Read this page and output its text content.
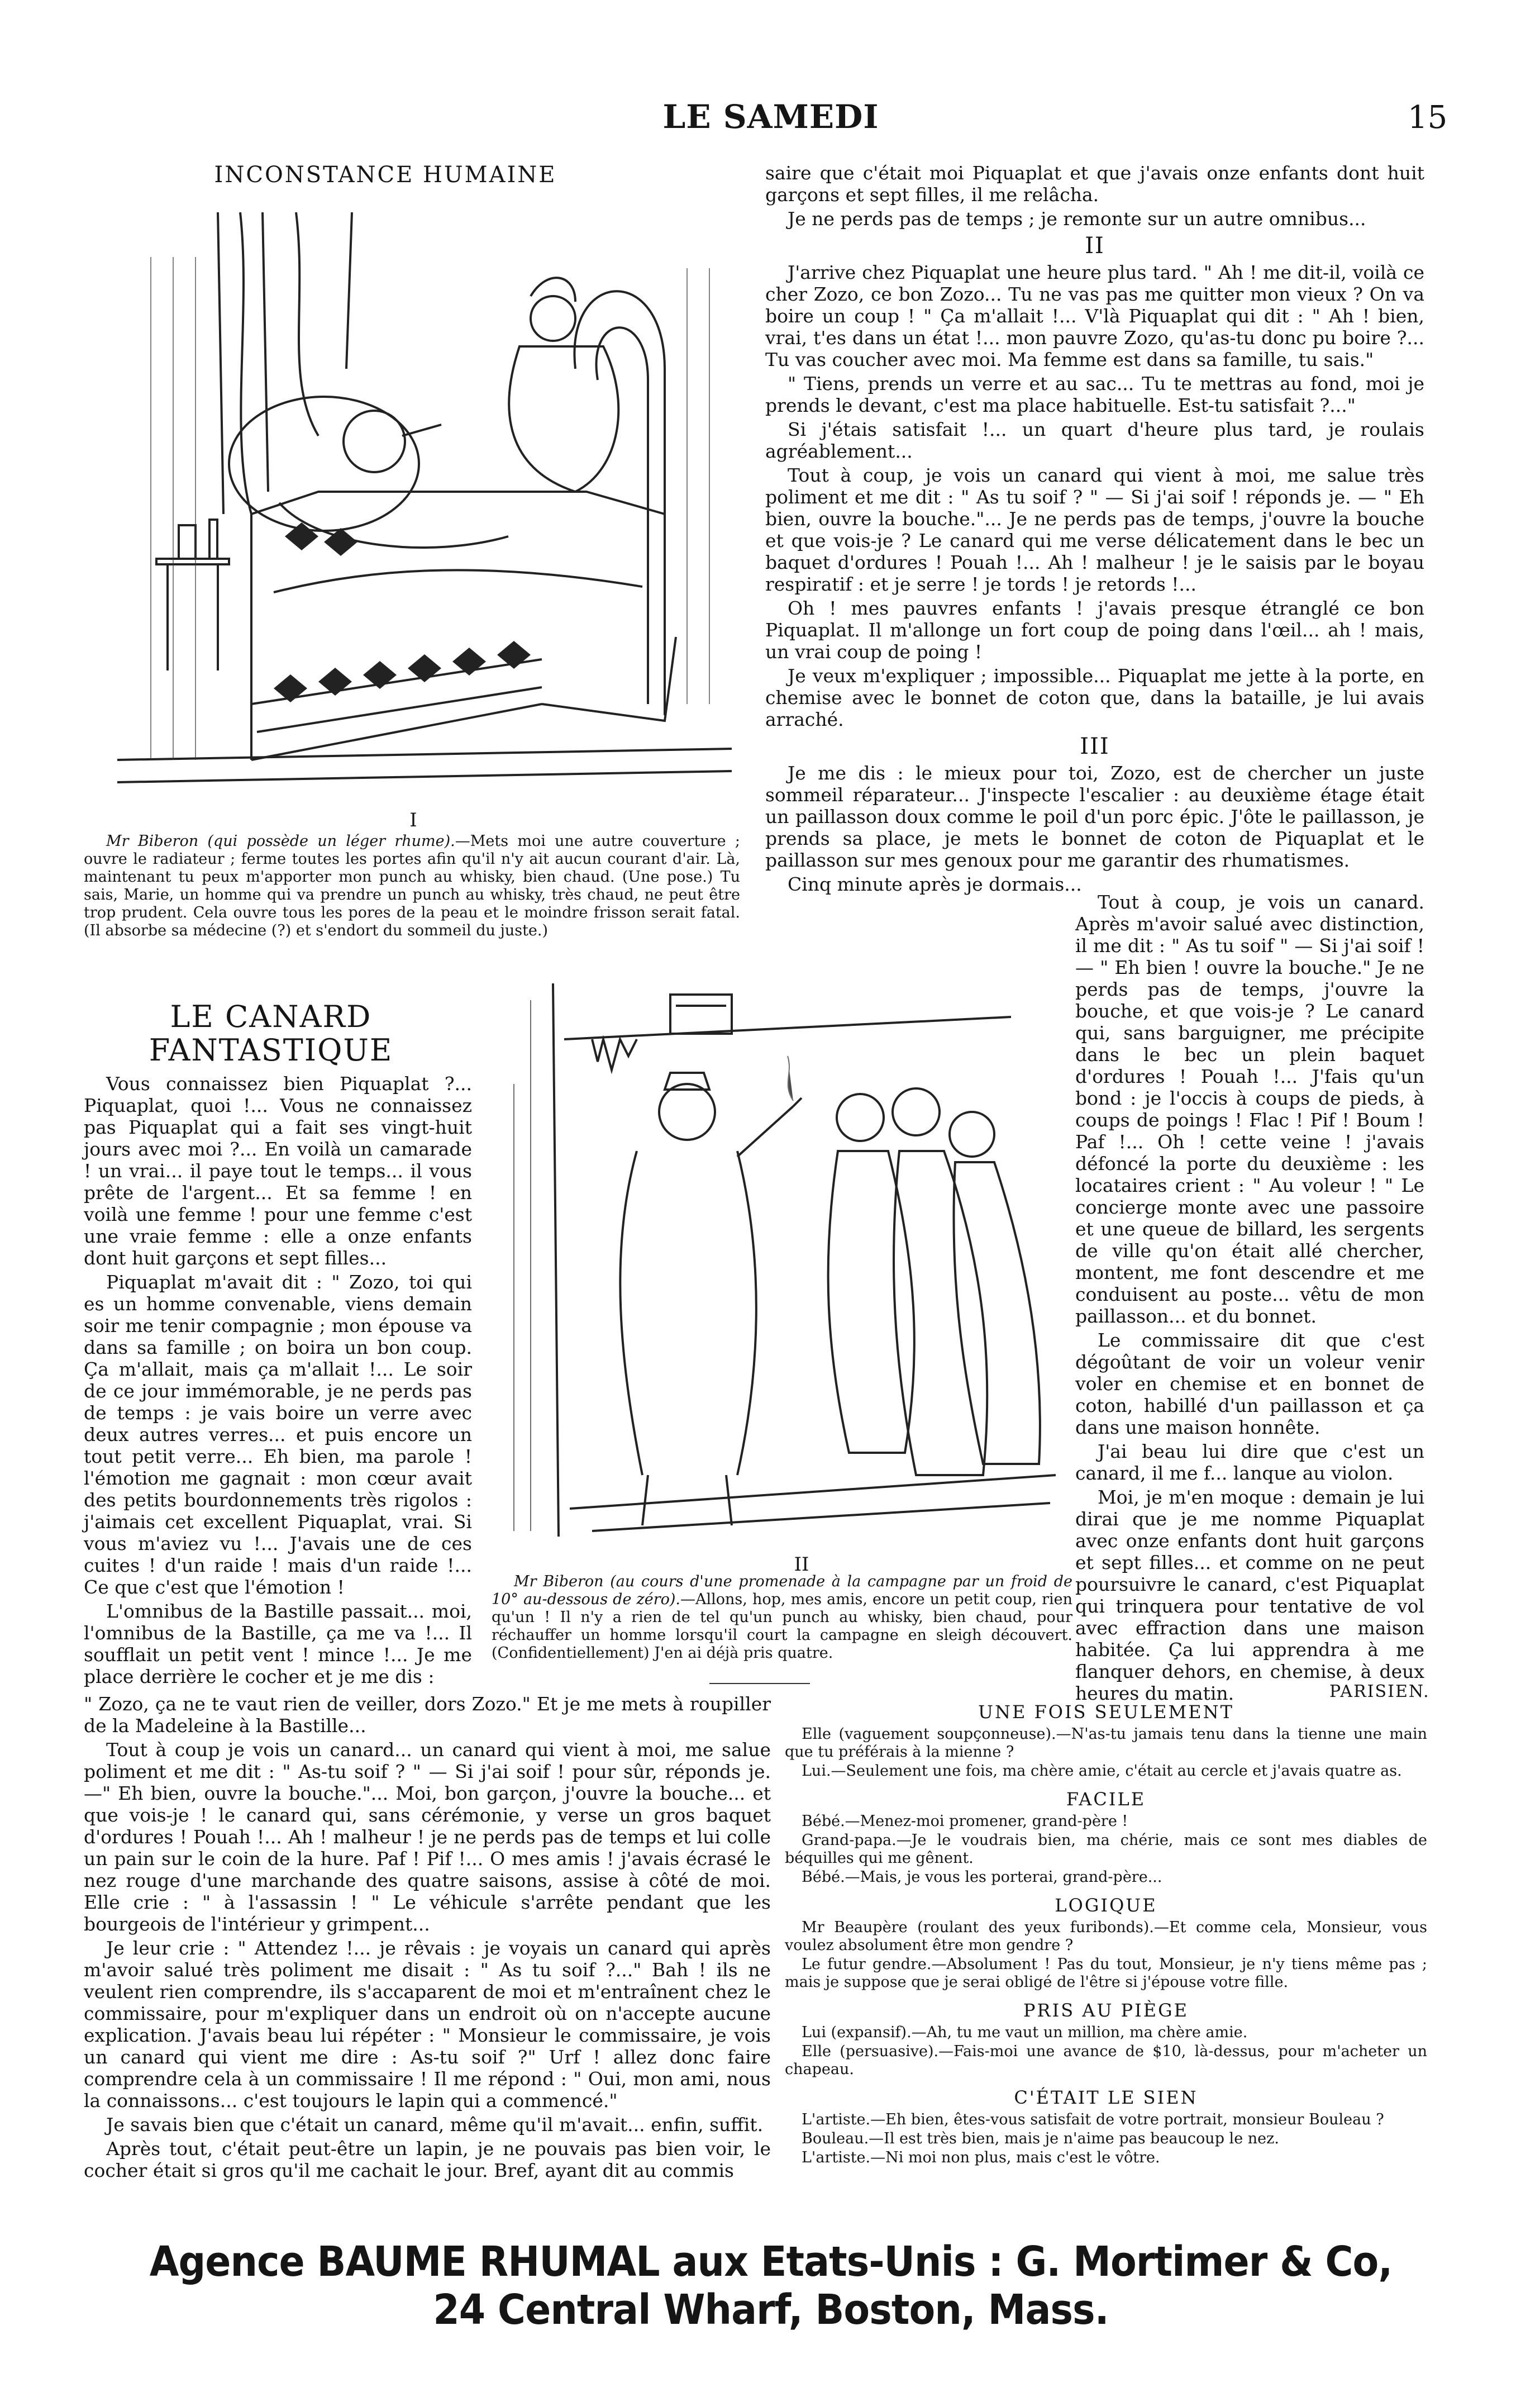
LE SAMEDI	15
INCONSTANCE HUMAINE
I
Mr Biberon (qui possède un léger rhume).—Mets moi une autre couverture ; ouvre le radiateur ; ferme toutes les portes afin qu'il n'y ait aucun courant d'air. Là, maintenant tu peux m'apporter mon punch au whisky, bien chaud. (Une pose.) Tu sais, Marie, un homme qui va prendre un punch au whisky, très chaud, ne peut être trop prudent. Cela ouvre tous les pores de la peau et le moindre frisson serait fatal. (Il absorbe sa médecine (?) et s'endort du sommeil du juste.)
LE CANARD FANTASTIQUE

Vous connaissez bien Piquaplat ?... Piquaplat, quoi !... Vous ne connaissez pas Piquaplat qui a fait ses vingt-huit jours avec moi ?... En voilà un camarade ! un vrai... il paye tout le temps... il vous prête de l'argent... Et sa femme ! en voilà une femme ! pour une femme c'est une vraie femme : elle a onze enfants dont huit garçons et sept filles...

Piquaplat m'avait dit : " Zozo, toi qui es un homme convenable, viens demain soir me tenir compagnie ; mon épouse va dans sa famille ; on boira un bon coup. Ça m'allait, mais ça m'allait !... Le soir de ce jour immémorable, je ne perds pas de temps : je vais boire un verre avec deux autres verres... et puis encore un tout petit verre... Eh bien, ma parole ! l'émotion me gagnait : mon cœur avait des petits bourdonnements très rigolos : j'aimais cet excellent Piquaplat, vrai. Si vous m'aviez vu !... J'avais une de ces cuites ! d'un raide ! mais d'un raide !... Ce que c'est que l'émotion !

L'omnibus de la Bastille passait... moi, l'omnibus de la Bastille, ça me va !... Il soufflait un petit vent ! mince !... Je me place derrière le cocher et je me dis :

II
Mr Biberon (au cours d'une promenade à la campagne par un froid de 10° au-dessous de zéro).—Allons, hop, mes amis, encore un petit coup, rien qu'un ! Il n'y a rien de tel qu'un punch au whisky, bien chaud, pour réchauffer un homme lorsqu'il court la campagne en sleigh découvert. (Confidentiellement) J'en ai déjà pris quatre.

saire que c'était moi Piquaplat et que j'avais onze enfants dont huit garçons et sept filles, il me relâcha.

Je ne perds pas de temps ; je remonte sur un autre omnibus...

II

J'arrive chez Piquaplat une heure plus tard. " Ah ! me dit-il, voilà ce cher Zozo, ce bon Zozo... Tu ne vas pas me quitter mon vieux ? On va boire un coup ! " Ça m'allait !... V'là Piquaplat qui dit : " Ah ! bien, vrai, t'es dans un état !... mon pauvre Zozo, qu'as-tu donc pu boire ?... Tu vas coucher avec moi. Ma femme est dans sa famille, tu sais."

" Tiens, prends un verre et au sac... Tu te mettras au fond, moi je prends le devant, c'est ma place habituelle. Est-tu satisfait ?..."

Si j'étais satisfait !... un quart d'heure plus tard, je roulais agréablement...

Tout à coup, je vois un canard qui vient à moi, me salue très poliment et me dit : " As tu soif ? " — Si j'ai soif ! réponds je. — " Eh bien, ouvre la bouche."... Je ne perds pas de temps, j'ouvre la bouche et que vois-je ? Le canard qui me verse délicatement dans le bec un baquet d'ordures ! Pouah !... Ah ! malheur ! je le saisis par le boyau respiratif : et je serre ! je tords ! je retords !...

Oh ! mes pauvres enfants ! j'avais presque étranglé ce bon Piquaplat. Il m'allonge un fort coup de poing dans l'œil... ah ! mais, un vrai coup de poing !

Je veux m'expliquer ; impossible... Piquaplat me jette à la porte, en chemise avec le bonnet de coton que, dans la bataille, je lui avais arraché.

III

Je me dis : le mieux pour toi, Zozo, est de chercher un juste sommeil réparateur... J'inspecte l'escalier : au deuxième étage était un paillasson doux comme le poil d'un porc épic. J'ôte le paillasson, je prends sa place, je mets le bonnet de coton de Piquaplat et le paillasson sur mes genoux pour me garantir des rhumatismes.

Cinq minute après je dormais...

Tout à coup, je vois un canard. Après m'avoir salué avec distinction, il me dit : " As tu soif " — Si j'ai soif ! — " Eh bien ! ouvre la bouche." Je ne perds pas de temps, j'ouvre la bouche, et que vois-je ? Le canard qui, sans barguigner, me précipite dans le bec un plein baquet d'ordures ! Pouah !... J'fais qu'un bond : je l'occis à coups de pieds, à coups de poings ! Flac ! Pif ! Boum ! Paf !... Oh ! cette veine ! j'avais défoncé la porte du deuxième : les locataires crient : " Au voleur ! " Le concierge monte avec une passoire et une queue de billard, les sergents de ville qu'on était allé chercher, montent, me font descendre et me conduisent au poste... vêtu de mon paillasson... et du bonnet.

Le commissaire dit que c'est dégoûtant de voir un voleur venir voler en chemise et en bonnet de coton, habillé d'un paillasson et ça dans une maison honnête.

J'ai beau lui dire que c'est un canard, il me f... lanque au violon.

Moi, je m'en moque : demain je lui dirai que je me nomme Piquaplat avec onze enfants dont huit garçons et sept filles... et comme on ne peut poursuivre le canard, c'est Piquaplat qui trinquera pour tentative de vol avec effraction dans une maison habitée. Ça lui apprendra à me flanquer dehors, en chemise, à deux heures du matin.

" Zozo, ça ne te vaut rien de veiller, dors Zozo." Et je me mets à roupiller de la Madeleine à la Bastille...

Tout à coup je vois un canard... un canard qui vient à moi, me salue poliment et me dit : " As-tu soif ? " — Si j'ai soif ! pour sûr, réponds je. —" Eh bien, ouvre la bouche."... Moi, bon garçon, j'ouvre la bouche... et que vois-je ! le canard qui, sans cérémonie, y verse un gros baquet d'ordures ! Pouah !... Ah ! malheur ! je ne perds pas de temps et lui colle un pain sur le coin de la hure. Paf ! Pif !... O mes amis ! j'avais écrasé le nez rouge d'une marchande des quatre saisons, assise à côté de moi. Elle crie : " à l'assassin ! " Le véhicule s'arrête pendant que les bourgeois de l'intérieur y grimpent...

Je leur crie : " Attendez !... je rêvais : je voyais un canard qui après m'avoir salué très poliment me disait : " As tu soif ?..." Bah ! ils ne veulent rien comprendre, ils s'accaparent de moi et m'entraînent chez le commissaire, pour m'expliquer dans un endroit où on n'accepte aucune explication. J'avais beau lui répéter : " Monsieur le commissaire, je vois un canard qui vient me dire : As-tu soif ?" Urf ! allez donc faire comprendre cela à un commissaire ! Il me répond : " Oui, mon ami, nous la connaissons... c'est toujours le lapin qui a commencé."

Je savais bien que c'était un canard, même qu'il m'avait... enfin, suffit.

Après tout, c'était peut-être un lapin, je ne pouvais pas bien voir, le cocher était si gros qu'il me cachait le jour. Bref, ayant dit au commis

PARISIEN.
UNE FOIS SEULEMENT

Elle (vaguement soupçonneuse).—N'as-tu jamais tenu dans la tienne une main que tu préférais à la mienne ?

Lui.—Seulement une fois, ma chère amie, c'était au cercle et j'avais quatre as.

FACILE

Bébé.—Menez-moi promener, grand-père !

Grand-papa.—Je le voudrais bien, ma chérie, mais ce sont mes diables de béquilles qui me gênent.

Bébé.—Mais, je vous les porterai, grand-père...

LOGIQUE

Mr Beaupère (roulant des yeux furibonds).—Et comme cela, Monsieur, vous voulez absolument être mon gendre ?

Le futur gendre.—Absolument ! Pas du tout, Monsieur, je n'y tiens même pas ; mais je suppose que je serai obligé de l'être si j'épouse votre fille.

PRIS AU PIÈGE

Lui (expansif).—Ah, tu me vaut un million, ma chère amie.

Elle (persuasive).—Fais-moi une avance de $10, là-dessus, pour m'acheter un chapeau.

C'ÉTAIT LE SIEN

L'artiste.—Eh bien, êtes-vous satisfait de votre portrait, monsieur Bouleau ?

Bouleau.—Il est très bien, mais je n'aime pas beaucoup le nez.

L'artiste.—Ni moi non plus, mais c'est le vôtre.

Agence BAUME RHUMAL aux Etats-Unis : G. Mortimer & Co, 24 Central Wharf, Boston, Mass.
